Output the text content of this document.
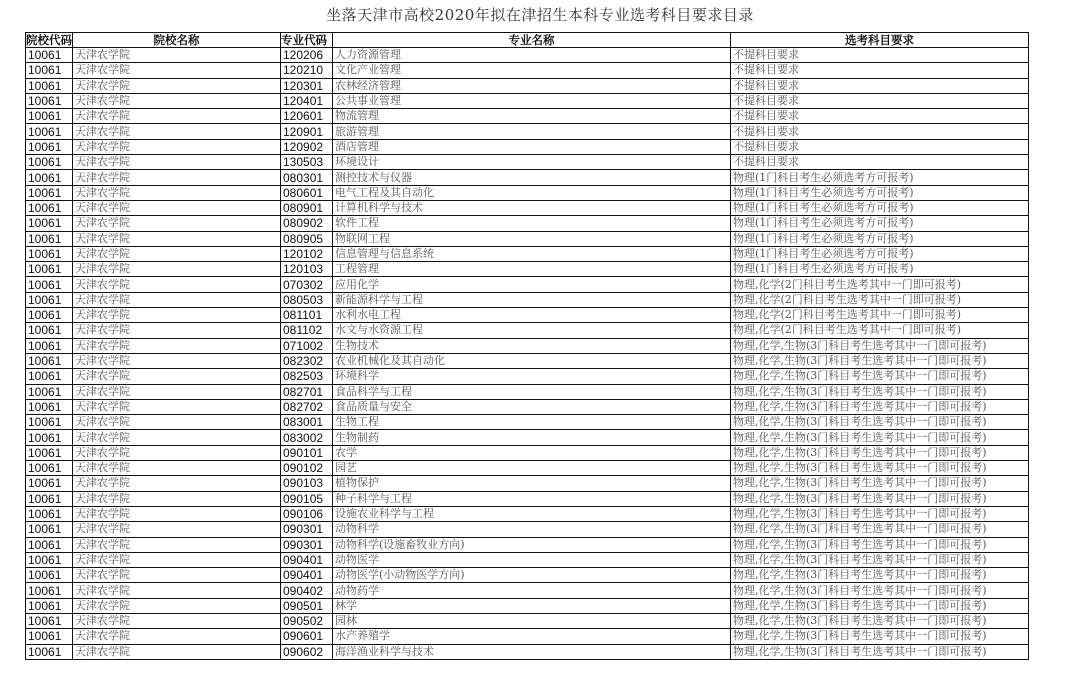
坐落天津市高校2020年拟在津招生本科专业选考科目要求目录
院校代码	院校名称	专业代码	专业名称	选考科目要求
10061	天津农学院	120206	人力资源管理	不提科目要求
10061	天津农学院	120210	文化产业管理	不提科目要求
10061	天津农学院	120301	农林经济管理	不提科目要求
10061	天津农学院	120401	公共事业管理	不提科目要求
10061	天津农学院	120601	物流管理	不提科目要求
10061	天津农学院	120901	旅游管理	不提科目要求
10061	天津农学院	120902	酒店管理	不提科目要求
10061	天津农学院	130503	环境设计	不提科目要求
10061	天津农学院	080301	测控技术与仪器	物理(1门科目考生必须选考方可报考)
10061	天津农学院	080601	电气工程及其自动化	物理(1门科目考生必须选考方可报考)
10061	天津农学院	080901	计算机科学与技术	物理(1门科目考生必须选考方可报考)
10061	天津农学院	080902	软件工程	物理(1门科目考生必须选考方可报考)
10061	天津农学院	080905	物联网工程	物理(1门科目考生必须选考方可报考)
10061	天津农学院	120102	信息管理与信息系统	物理(1门科目考生必须选考方可报考)
10061	天津农学院	120103	工程管理	物理(1门科目考生必须选考方可报考)
10061	天津农学院	070302	应用化学	物理,化学(2门科目考生选考其中一门即可报考)
10061	天津农学院	080503	新能源科学与工程	物理,化学(2门科目考生选考其中一门即可报考)
10061	天津农学院	081101	水利水电工程	物理,化学(2门科目考生选考其中一门即可报考)
10061	天津农学院	081102	水文与水资源工程	物理,化学(2门科目考生选考其中一门即可报考)
10061	天津农学院	071002	生物技术	物理,化学,生物(3门科目考生选考其中一门即可报考)
10061	天津农学院	082302	农业机械化及其自动化	物理,化学,生物(3门科目考生选考其中一门即可报考)
10061	天津农学院	082503	环境科学	物理,化学,生物(3门科目考生选考其中一门即可报考)
10061	天津农学院	082701	食品科学与工程	物理,化学,生物(3门科目考生选考其中一门即可报考)
10061	天津农学院	082702	食品质量与安全	物理,化学,生物(3门科目考生选考其中一门即可报考)
10061	天津农学院	083001	生物工程	物理,化学,生物(3门科目考生选考其中一门即可报考)
10061	天津农学院	083002	生物制药	物理,化学,生物(3门科目考生选考其中一门即可报考)
10061	天津农学院	090101	农学	物理,化学,生物(3门科目考生选考其中一门即可报考)
10061	天津农学院	090102	园艺	物理,化学,生物(3门科目考生选考其中一门即可报考)
10061	天津农学院	090103	植物保护	物理,化学,生物(3门科目考生选考其中一门即可报考)
10061	天津农学院	090105	种子科学与工程	物理,化学,生物(3门科目考生选考其中一门即可报考)
10061	天津农学院	090106	设施农业科学与工程	物理,化学,生物(3门科目考生选考其中一门即可报考)
10061	天津农学院	090301	动物科学	物理,化学,生物(3门科目考生选考其中一门即可报考)
10061	天津农学院	090301	动物科学(设施畜牧业方向)	物理,化学,生物(3门科目考生选考其中一门即可报考)
10061	天津农学院	090401	动物医学	物理,化学,生物(3门科目考生选考其中一门即可报考)
10061	天津农学院	090401	动物医学(小动物医学方向)	物理,化学,生物(3门科目考生选考其中一门即可报考)
10061	天津农学院	090402	动物药学	物理,化学,生物(3门科目考生选考其中一门即可报考)
10061	天津农学院	090501	林学	物理,化学,生物(3门科目考生选考其中一门即可报考)
10061	天津农学院	090502	园林	物理,化学,生物(3门科目考生选考其中一门即可报考)
10061	天津农学院	090601	水产养殖学	物理,化学,生物(3门科目考生选考其中一门即可报考)
10061	天津农学院	090602	海洋渔业科学与技术	物理,化学,生物(3门科目考生选考其中一门即可报考)
